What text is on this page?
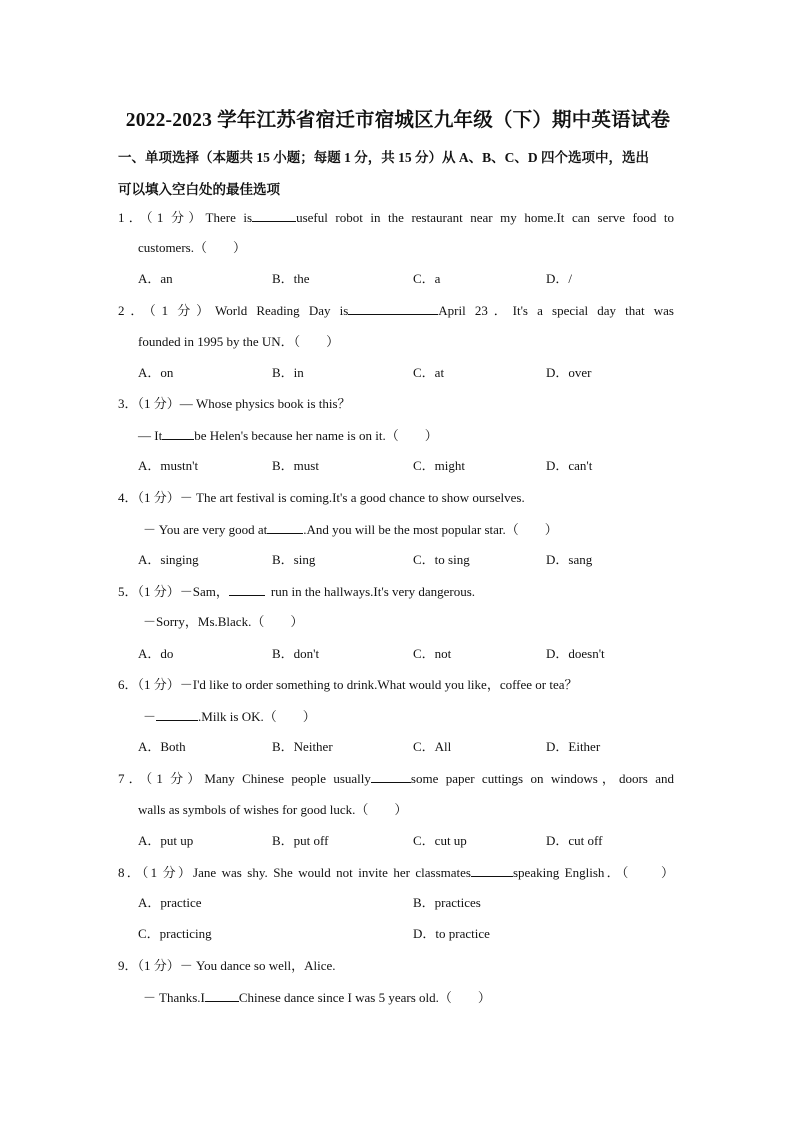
2022-2023 学年江苏省宿迁市宿城区九年级（下）期中英语试卷
一、单项选择（本题共 15 小题；每题 1 分，共 15 分）从 A、B、C、D 四个选项中，选出
可以填入空白处的最佳选项
1．（1 分）There is	useful robot in the restaurant near my home.It can serve food to
customers.（　　）
A．an	B．the	C．a	D．/
2．（1 分）World Reading Day is	April 23．It's a special day that was
founded in 1995 by the UN．（　　）
A．on	B．in	C．at	D．over
3．（1 分）— Whose physics book is this？
— It be Helen's because her name is on it.（　　）
A．mustn't	B．must	C．might	D．can't
4．（1 分）－ The art festival is coming.It's a good chance to show ourselves.
－ You are very good at	.And you will be the most popular star.（　　）
A．singing	B．sing	C．to sing	D．sang
5．（1 分）－Sam，	run in the hallways.It's very dangerous.
－Sorry，Ms.Black.（　　）
A．do	B．don't	C．not	D．doesn't
6．（1 分）－I'd like to order something to drink.What would you like，coffee or tea？
－	.Milk is OK.（　　）
A．Both	B．Neither	C．All	D．Either
7．（1 分）Many Chinese people usually	some paper cuttings on windows，doors and
walls as symbols of wishes for good luck.（　　）
A．put up	B．put off	C．cut up	D．cut off
8．（1 分）Jane was shy. She would not invite her classmates	speaking English．（　　）
A．practice	B．practices
C．practicing	D．to practice
9．（1 分）－ You dance so well，Alice.
－ Thanks.I	Chinese dance since I was 5 years old.（　　）
